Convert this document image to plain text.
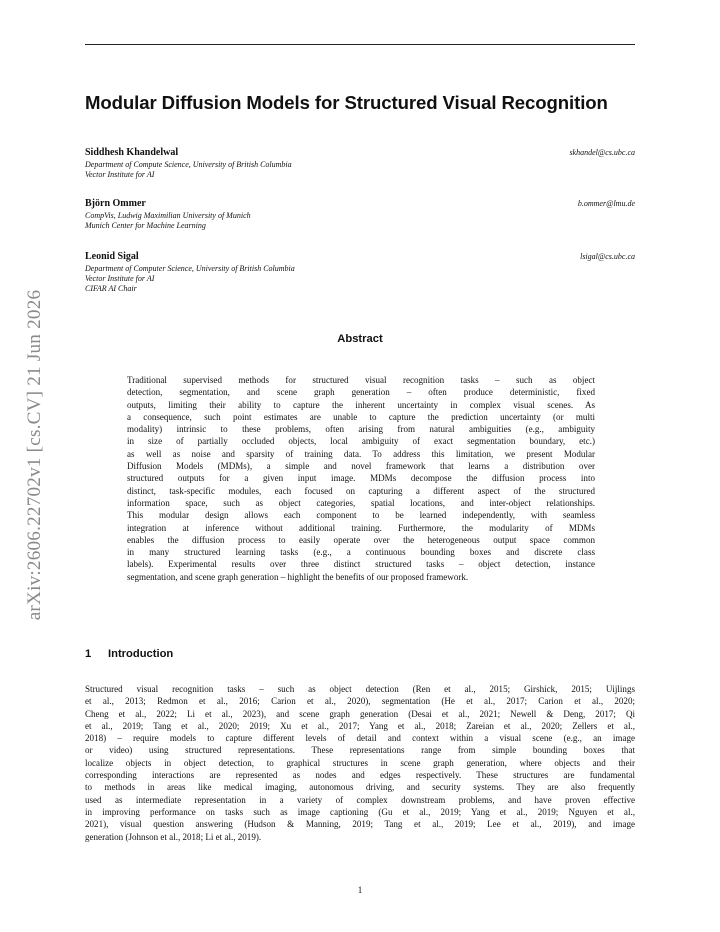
arXiv:2606.22702v1 [cs.CV] 21 Jun 2026
Modular Diffusion Models for Structured Visual Recognition
Siddhesh Khandelwal	skhandel@cs.ubc.ca
Department of Compute Science, University of British Columbia
Vector Institute for AI
Björn Ommer	b.ommer@lmu.de
CompVis, Ludwig Maximilian University of Munich
Munich Center for Machine Learning
Leonid Sigal	lsigal@cs.ubc.ca
Department of Computer Science, University of British Columbia
Vector Institute for AI
CIFAR AI Chair
Abstract
Traditional supervised methods for structured visual recognition tasks – such as object
detection, segmentation, and scene graph generation – often produce deterministic, fixed
outputs, limiting their ability to capture the inherent uncertainty in complex visual scenes. As
a consequence, such point estimates are unable to capture the prediction uncertainty (or multi
modality) intrinsic to these problems, often arising from natural ambiguities (e.g., ambiguity
in size of partially occluded objects, local ambiguity of exact segmentation boundary, etc.)
as well as noise and sparsity of training data. To address this limitation, we present Modular
Diffusion Models (MDMs), a simple and novel framework that learns a distribution over
structured outputs for a given input image. MDMs decompose the diffusion process into
distinct, task-specific modules, each focused on capturing a different aspect of the structured
information space, such as object categories, spatial locations, and inter-object relationships.
This modular design allows each component to be learned independently, with seamless
integration at inference without additional training. Furthermore, the modularity of MDMs
enables the diffusion process to easily operate over the heterogeneous output space common
in many structured learning tasks (e.g., a continuous bounding boxes and discrete class
labels). Experimental results over three distinct structured tasks – object detection, instance
segmentation, and scene graph generation – highlight the benefits of our proposed framework.
1 Introduction
Structured visual recognition tasks – such as object detection (Ren et al., 2015; Girshick, 2015; Uijlings
et al., 2013; Redmon et al., 2016; Carion et al., 2020), segmentation (He et al., 2017; Carion et al., 2020;
Cheng et al., 2022; Li et al., 2023), and scene graph generation (Desai et al., 2021; Newell & Deng, 2017; Qi
et al., 2019; Tang et al., 2020; 2019; Xu et al., 2017; Yang et al., 2018; Zareian et al., 2020; Zellers et al.,
2018) – require models to capture different levels of detail and context within a visual scene (e.g., an image
or video) using structured representations. These representations range from simple bounding boxes that
localize objects in object detection, to graphical structures in scene graph generation, where objects and their
corresponding interactions are represented as nodes and edges respectively. These structures are fundamental
to methods in areas like medical imaging, autonomous driving, and security systems. They are also frequently
used as intermediate representation in a variety of complex downstream problems, and have proven effective
in improving performance on tasks such as image captioning (Gu et al., 2019; Yang et al., 2019; Nguyen et al.,
2021), visual question answering (Hudson & Manning, 2019; Tang et al., 2019; Lee et al., 2019), and image
generation (Johnson et al., 2018; Li et al., 2019).
1
